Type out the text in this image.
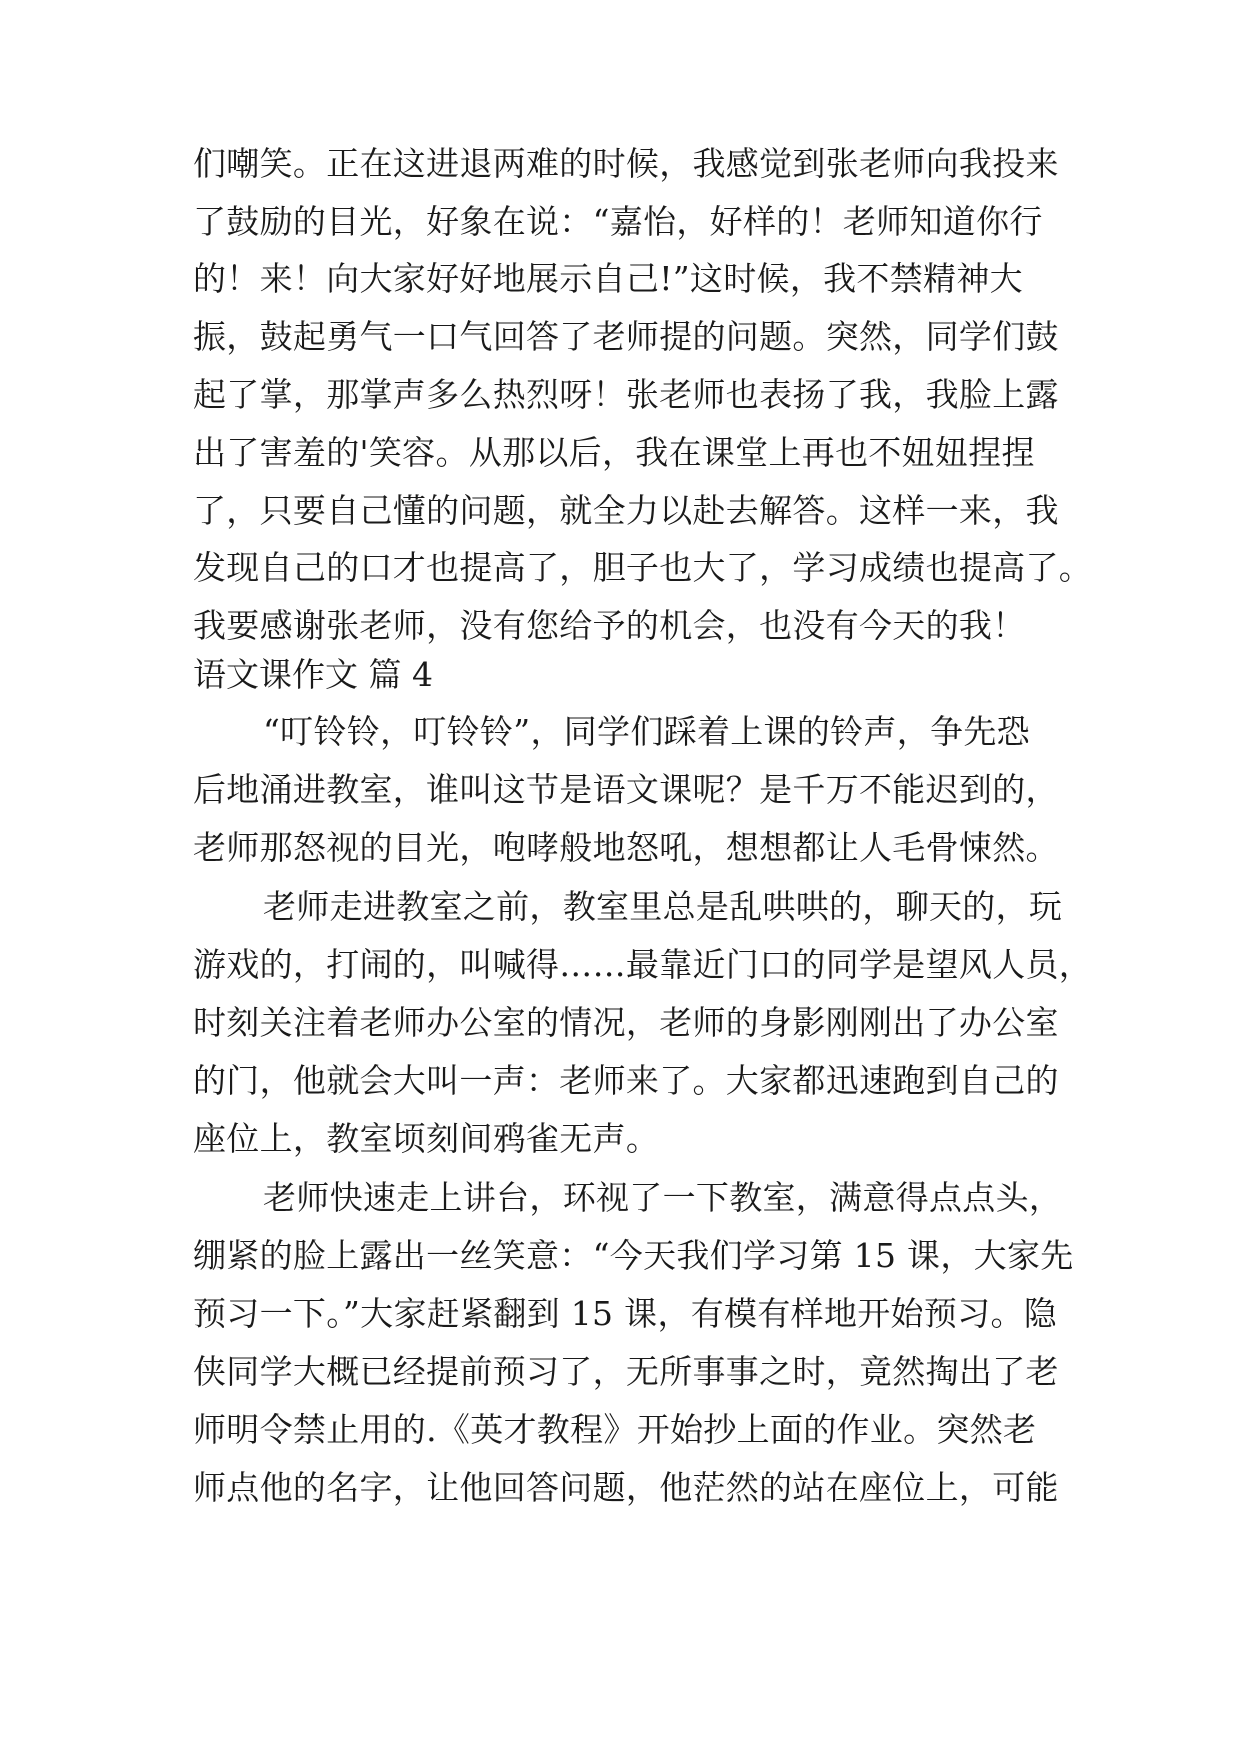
们嘲笑。正在这进退两难的时候，我感觉到张老师向我投来
了鼓励的目光，好象在说：“嘉怡，好样的！老师知道你行
的！来！向大家好好地展示自己!”这时候，我不禁精神大
振，鼓起勇气一口气回答了老师提的问题。突然，同学们鼓
起了掌，那掌声多么热烈呀！张老师也表扬了我，我脸上露
出了害羞的'笑容。从那以后，我在课堂上再也不妞妞捏捏
了，只要自己懂的问题，就全力以赴去解答。这样一来，我
发现自己的口才也提高了，胆子也大了，学习成绩也提高了。
我要感谢张老师，没有您给予的机会，也没有今天的我！
语文课作文 篇 4
“叮铃铃，叮铃铃”，同学们踩着上课的铃声，争先恐
后地涌进教室，谁叫这节是语文课呢？是千万不能迟到的，
老师那怒视的目光，咆哮般地怒吼，想想都让人毛骨悚然。
老师走进教室之前，教室里总是乱哄哄的，聊天的，玩
游戏的，打闹的，叫喊得……最靠近门口的同学是望风人员，
时刻关注着老师办公室的情况，老师的身影刚刚出了办公室
的门，他就会大叫一声：老师来了。大家都迅速跑到自己的
座位上，教室顷刻间鸦雀无声。
老师快速走上讲台，环视了一下教室，满意得点点头，
绷紧的脸上露出一丝笑意：“今天我们学习第 15 课，大家先
预习一下。”大家赶紧翻到 15 课，有模有样地开始预习。隐
侠同学大概已经提前预习了，无所事事之时，竟然掏出了老
师明令禁止用的.《英才教程》开始抄上面的作业。突然老
师点他的名字，让他回答问题，他茫然的站在座位上，可能
